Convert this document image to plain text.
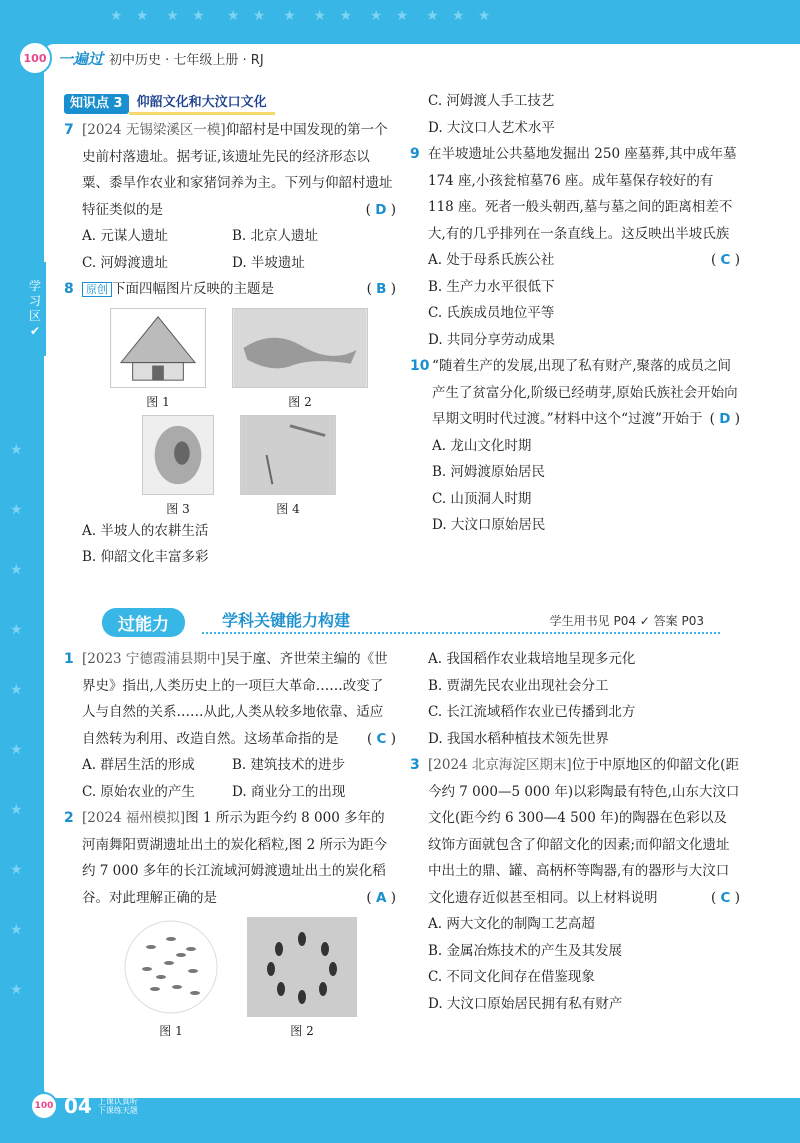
★   ★    ★   ★     ★   ★    ★    ★   ★    ★   ★    ★   ★   ★
★
★
★
★
★
★
★
★
★
★
100 一遍过 初中历史 · 七年级上册 · RJ
学
习
区
✔
知识点 3	仰韶文化和大汶口文化
7 [2024 无锡梁溪区一模]仰韶村是中国发现的第一个史前村落遗址。据考证,该遗址先民的经济形态以粟、黍旱作农业和家猪饲养为主。下列与仰韶村遗址特征类似的是	( D )
A. 元谋人遗址	B. 北京人遗址
C. 河姆渡遗址	D. 半坡遗址
8 原创 下面四幅图片反映的主题是	( B )
图 1	图 2
图 3	图 4
A. 半坡人的农耕生活
B. 仰韶文化丰富多彩
C. 河姆渡人手工技艺
D. 大汶口人艺术水平
9 在半坡遗址公共墓地发掘出 250 座墓葬,其中成年墓174 座,小孩瓮棺墓76 座。成年墓保存较好的有 118 座。死者一般头朝西,墓与墓之间的距离相差不大,有的几乎排列在一条直线上。这反映出半坡氏族
( C )
A. 处于母系氏族公社
B. 生产力水平很低下
C. 氏族成员地位平等
D. 共同分享劳动成果
10 “随着生产的发展,出现了私有财产,聚落的成员之间产生了贫富分化,阶级已经萌芽,原始氏族社会开始向早期文明时代过渡。”材料中这个“过渡”开始于 ( D )
A. 龙山文化时期
B. 河姆渡原始居民
C. 山顶洞人时期
D. 大汶口原始居民
过能力	学科关键能力构建	学生用书见 P04 ✓ 答案 P03
1 [2023 宁德霞浦县期中]吴于廑、齐世荣主编的《世界史》指出,人类历史上的一项巨大革命……改变了人与自然的关系……从此,人类从较多地依靠、适应自然转为利用、改造自然。这场革命指的是 ( C )
A. 群居生活的形成	B. 建筑技术的进步
C. 原始农业的产生	D. 商业分工的出现
2 [2024 福州模拟]图 1 所示为距今约 8 000 多年的河南舞阳贾湖遗址出土的炭化稻粒,图 2 所示为距今约 7 000 多年的长江流域河姆渡遗址出土的炭化稻谷。对此理解正确的是	( A )
图 1	图 2
A. 我国稻作农业栽培地呈现多元化
B. 贾湖先民农业出现社会分工
C. 长江流域稻作农业已传播到北方
D. 我国水稻种植技术领先世界
3 [2024 北京海淀区期末]位于中原地区的仰韶文化(距今约 7 000—5 000 年)以彩陶最有特色,山东大汶口文化(距今约 6 300—4 500 年)的陶器在色彩以及纹饰方面就包含了仰韶文化的因素;而仰韶文化遗址中出土的鼎、罐、高柄杯等陶器,有的器形与大汶口文化遗存近似甚至相同。以上材料说明	( C )
A. 两大文化的制陶工艺高超
B. 金属冶炼技术的产生及其发展
C. 不同文化间存在借鉴现象
D. 大汶口原始居民拥有私有财产
100 04 上课认真听
下课练天题
